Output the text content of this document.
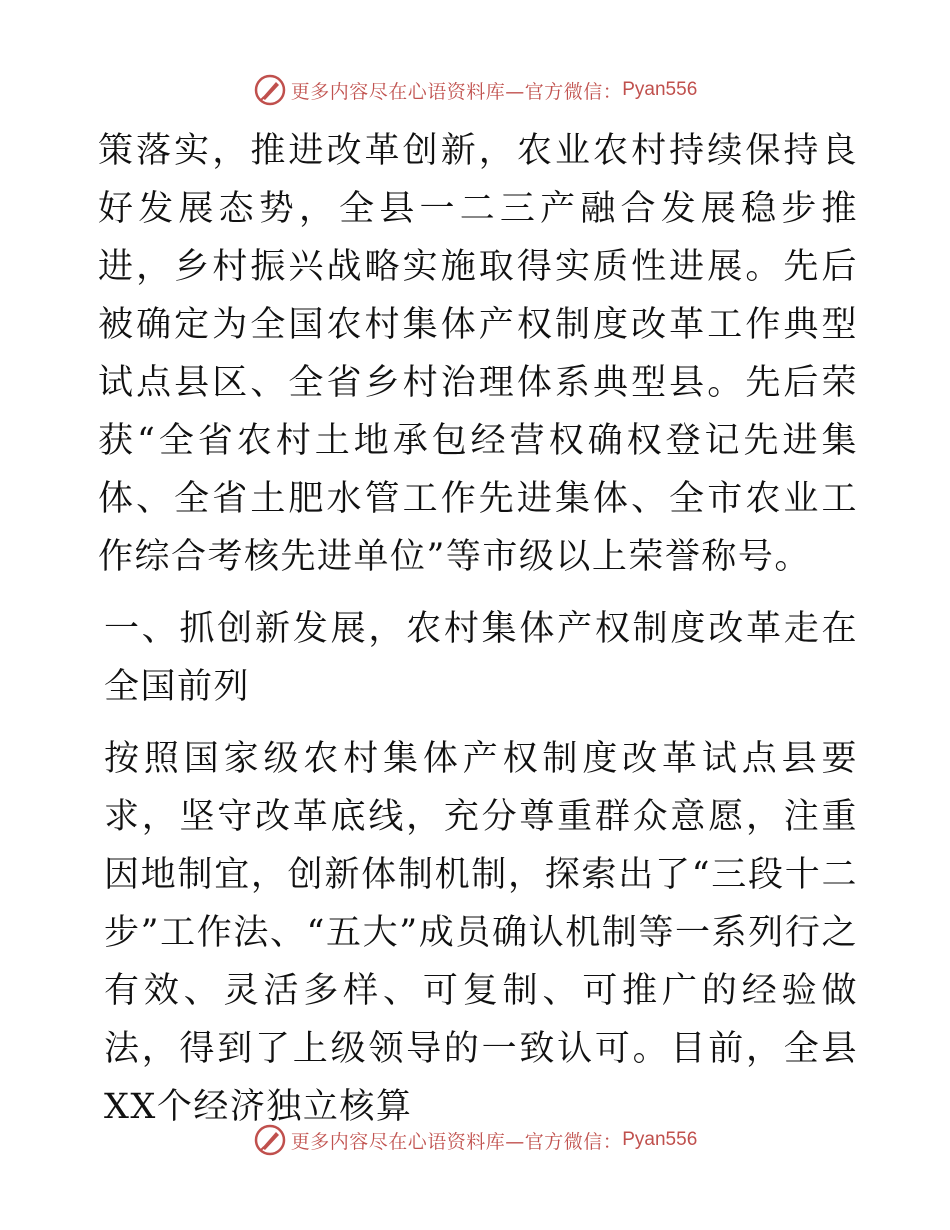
更多内容尽在心语资料库—官方微信： Pyan556

策落实，推进改革创新，农业农村持续保持良好发展态势，全县一二三产融合发展稳步推进，乡村振兴战略实施取得实质性进展。先后被确定为全国农村集体产权制度改革工作典型试点县区、全省乡村治理体系典型县。先后荣获“全省农村土地承包经营权确权登记先进集体、全省土肥水管工作先进集体、全市农业工作综合考核先进单位”等市级以上荣誉称号。

一、抓创新发展，农村集体产权制度改革走在全国前列

按照国家级农村集体产权制度改革试点县要求，坚守改革底线，充分尊重群众意愿，注重因地制宜，创新体制机制，探索出了“三段十二步”工作法、“五大”成员确认机制等一系列行之有效、灵活多样、可复制、可推广的经验做法，得到了上级领导的一致认可。目前，全县XX个经济独立核算

更多内容尽在心语资料库—官方微信： Pyan556
